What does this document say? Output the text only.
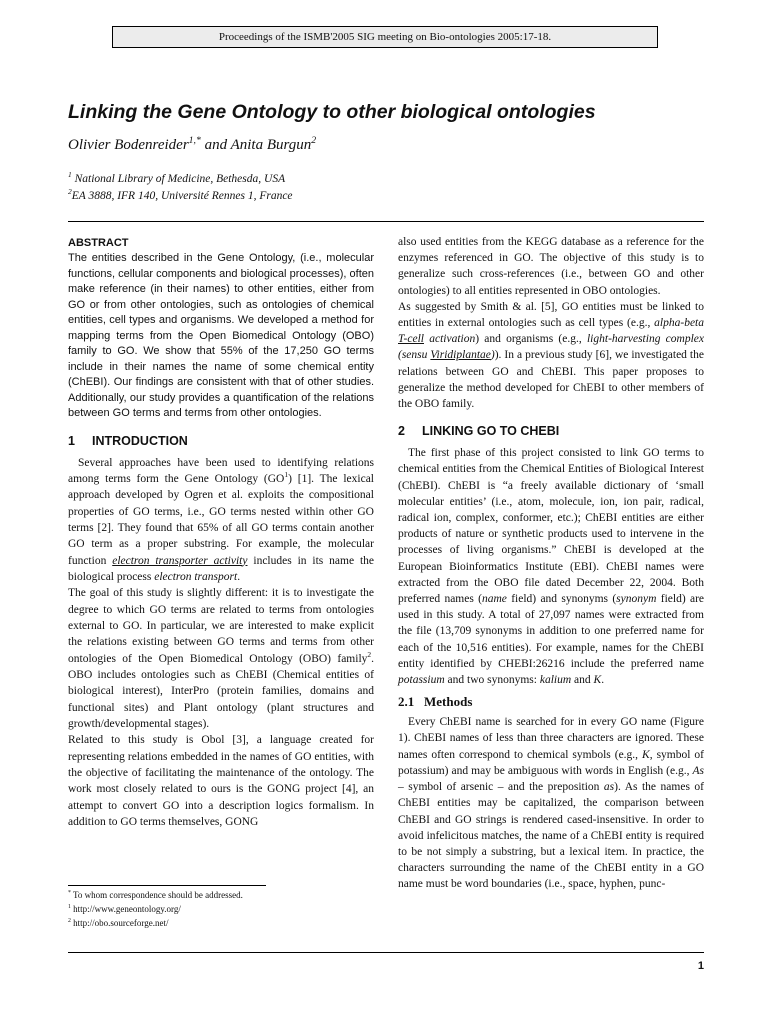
Proceedings of the ISMB'2005 SIG meeting on Bio-ontologies 2005:17-18.
Linking the Gene Ontology to other biological ontologies
Olivier Bodenreider$^{1,*}$ and Anita Burgun$^2$
$^1$ National Library of Medicine, Bethesda, USA
$^2$EA 3888, IFR 140, Université Rennes 1, France
ABSTRACT

The entities described in the Gene Ontology, (i.e., molecular functions, cellular components and biological processes), often make reference (in their names) to other entities, either from GO or from other ontologies, such as ontologies of chemical entities, cell types and organisms. We developed a method for mapping terms from the Open Biomedical Ontology (OBO) family to GO. We show that 55% of the 17,250 GO terms include in their names the name of some chemical entity (ChEBI). Our findings are consistent with that of other studies. Additionally, our study provides a quantification of the relations between GO terms and terms from other ontologies.

1 INTRODUCTION

Several approaches have been used to identifying relations among terms form the Gene Ontology $(GO^1)$ [1]. The lexical approach developed by Ogren et al. exploits the compositional properties of GO terms, i.e., GO terms nested within other GO terms [2]. They found that 65% of all GO terms contain another GO term as a proper substring. For example, the molecular function electron transporter activity includes in its name the biological process electron transport.

The goal of this study is slightly different: it is to investigate the degree to which GO terms are related to terms from ontologies external to GO. In particular, we are interested to make explicit the relations existing between GO terms and terms from other ontologies of the Open Biomedical Ontology (OBO) family$^2$. OBO includes ontologies such as ChEBI (Chemical entities of biological interest), InterPro (protein families, domains and functional sites) and Plant ontology (plant structures and growth/developmental stages).

Related to this study is Obol [3], a language created for representing relations embedded in the names of GO entities, with the objective of facilitating the maintenance of the ontology. The work most closely related to ours is the GONG project [4], an attempt to convert GO into a description logics formalism. In addition to GO terms themselves, GONG

* To whom correspondence should be addressed.
$^1$ http://www.geneontology.org/
$^2$ http://obo.sourceforge.net/

also used entities from the KEGG database as a reference for the enzymes referenced in GO. The objective of this study is to generalize such cross-references (i.e., between GO and other ontologies) to all entities represented in OBO ontologies.

As suggested by Smith & al. [5], GO entities must be linked to entities in external ontologies such as cell types (e.g., alpha-beta T-cell activation) and organisms (e.g., light-harvesting complex (sensu Viridiplantae)). In a previous study [6], we investigated the relations between GO and ChEBI. This paper proposes to generalize the method developed for ChEBI to other members of the OBO family.

2 LINKING GO TO CHEBI

The first phase of this project consisted to link GO terms to chemical entities from the Chemical Entities of Biological Interest (ChEBI). ChEBI is “a freely available dictionary of ‘small molecular entities’ (i.e., atom, molecule, ion, ion pair, radical, radical ion, complex, conformer, etc.); ChEBI entities are either products of nature or synthetic products used to intervene in the processes of living organisms.” ChEBI is developed at the European Bioinformatics Institute (EBI). ChEBI names were extracted from the OBO file dated December 22, 2004. Both preferred names (name field) and synonyms (synonym field) are used in this study. A total of 27,097 names were extracted from the file (13,709 synonyms in addition to one preferred name for each of the 10,516 entities). For example, names for the ChEBI entity identified by CHEBI:26216 include the preferred name potassium and two synonyms: kalium and K.

2.1 Methods

Every ChEBI name is searched for in every GO name (Figure 1). ChEBI names of less than three characters are ignored. These names often correspond to chemical symbols (e.g., K, symbol of potassium) and may be ambiguous with words in English (e.g., As – symbol of arsenic – and the preposition as). As the names of ChEBI entities may be capitalized, the comparison between ChEBI and GO strings is rendered cased-insensitive. In order to avoid infelicitous matches, the name of a ChEBI entity is required to be not simply a substring, but a lexical item. In practice, the characters surrounding the name of the ChEBI entity in a GO name must be word boundaries (i.e., space, hyphen, punc-

1
